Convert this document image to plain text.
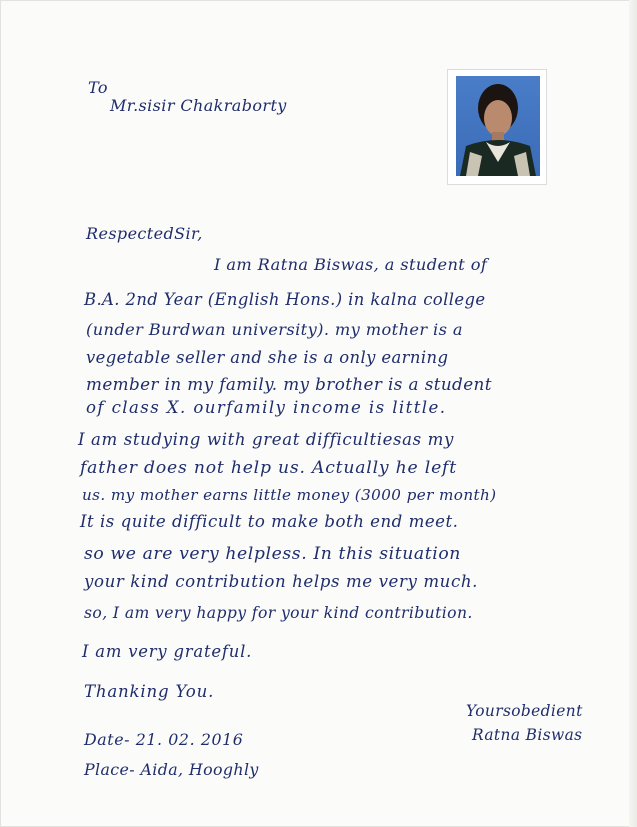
To
Mr.sisir Chakraborty
RespectedSir,
I am Ratna Biswas, a student of
B.A. 2nd Year (English Hons.) in kalna college
(under Burdwan university). my mother is a
vegetable seller and she is a only earning
member in my family. my brother is a student
of class X. ourfamily income is little.
I am studying with great difficultiesas my
father does not help us. Actually he left
us. my mother earns little money (3000 per month)
It is quite difficult to make both end meet.
so we are very helpless. In this situation
your kind contribution helps me very much.
so, I am very happy for your kind contribution.
I am very grateful.
Thanking You.
Yoursobedient
Ratna Biswas
Date- 21. 02. 2016
Place- Aida, Hooghly
